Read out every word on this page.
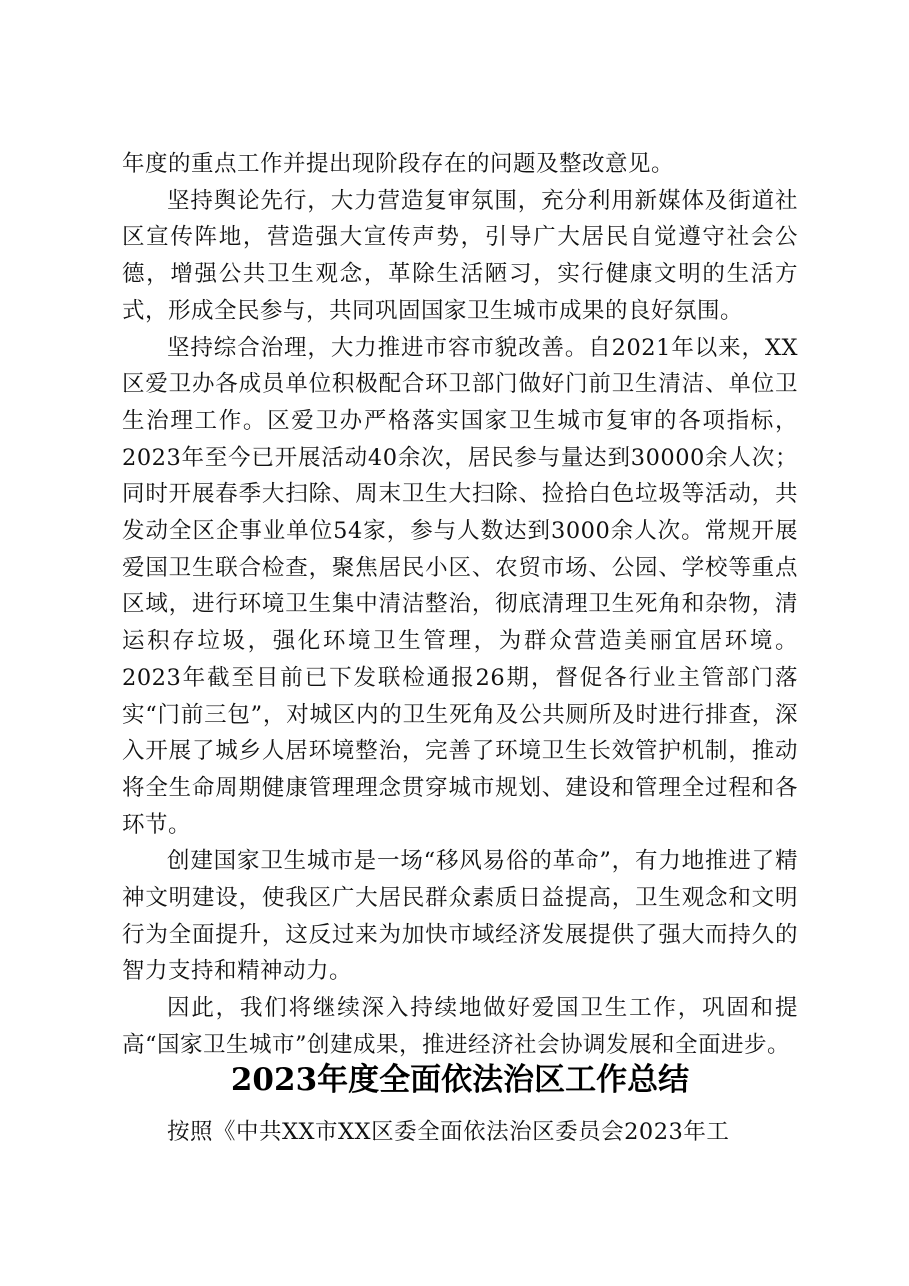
年度的重点工作并提出现阶段存在的问题及整改意见。

坚持舆论先行，大力营造复审氛围，充分利用新媒体及街道社区宣传阵地，营造强大宣传声势，引导广大居民自觉遵守社会公德，增强公共卫生观念，革除生活陋习，实行健康文明的生活方式，形成全民参与，共同巩固国家卫生城市成果的良好氛围。

坚持综合治理，大力推进市容市貌改善。自2021年以来，XX区爱卫办各成员单位积极配合环卫部门做好门前卫生清洁、单位卫生治理工作。区爱卫办严格落实国家卫生城市复审的各项指标，2023年至今已开展活动40余次，居民参与量达到30000余人次；同时开展春季大扫除、周末卫生大扫除、捡拾白色垃圾等活动，共发动全区企事业单位54家，参与人数达到3000余人次。常规开展爱国卫生联合检查，聚焦居民小区、农贸市场、公园、学校等重点区域，进行环境卫生集中清洁整治，彻底清理卫生死角和杂物，清运积存垃圾，强化环境卫生管理，为群众营造美丽宜居环境。2023年截至目前已下发联检通报26期，督促各行业主管部门落实“门前三包”，对城区内的卫生死角及公共厕所及时进行排查，深入开展了城乡人居环境整治，完善了环境卫生长效管护机制，推动将全生命周期健康管理理念贯穿城市规划、建设和管理全过程和各环节。

创建国家卫生城市是一场“移风易俗的革命”，有力地推进了精神文明建设，使我区广大居民群众素质日益提高，卫生观念和文明行为全面提升，这反过来为加快市域经济发展提供了强大而持久的智力支持和精神动力。

因此，我们将继续深入持续地做好爱国卫生工作，巩固和提高“国家卫生城市”创建成果，推进经济社会协调发展和全面进步。

2023年度全面依法治区工作总结

按照《中共XX市XX区委全面依法治区委员会2023年工
